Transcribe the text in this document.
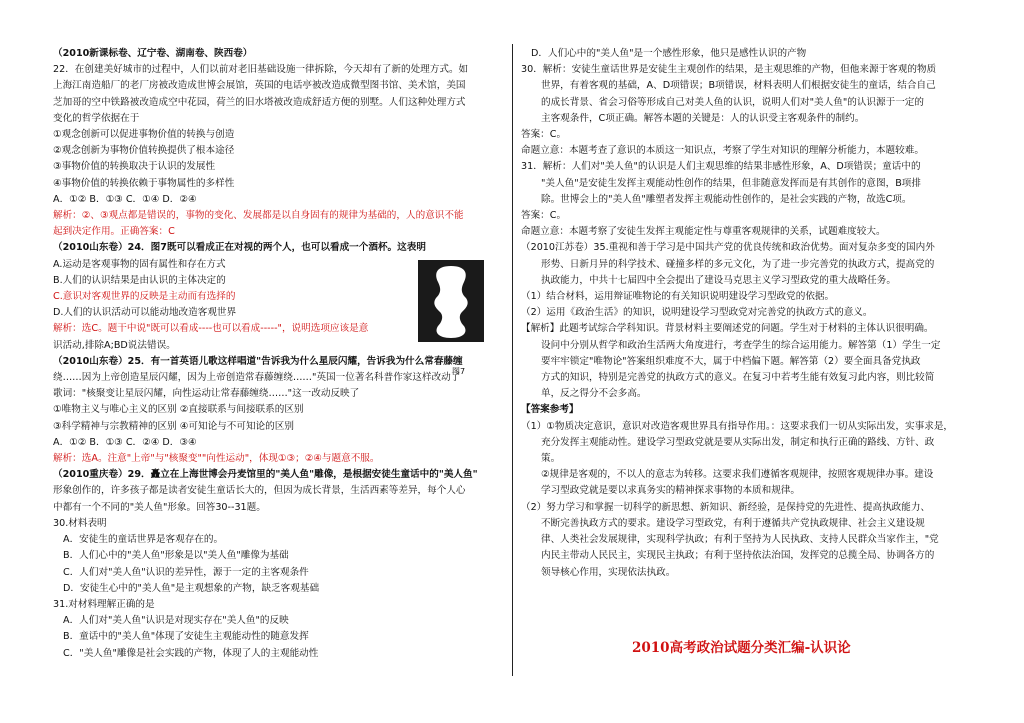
（2010新课标卷、辽宁卷、湖南卷、陕西卷）

22．在创建美好城市的过程中，人们以前对老旧基础设施一律拆除，今天却有了新的处理方式。如

上海江南造船厂的老厂房被改造成世博会展馆，英国的电话亭被改造成微型图书馆、美术馆，美国

芝加哥的空中铁路被改造成空中花园，荷兰的旧水塔被改造成舒适方便的别墅。人们这种处理方式

变化的哲学依据在于

①观念创新可以促进事物价值的转换与创造

②观念创新为事物价值转换提供了根本途径

③事物价值的转换取决于认识的发展性

④事物价值的转换依赖于事物属性的多样性

A．①② B．①③ C．①④ D．②④

解析：②、③观点都是错误的，事物的变化、发展都是以自身固有的规律为基础的，人的意识不能

起到决定作用。正确答案：C

（2010山东卷）24．图7既可以看成正在对视的两个人，也可以看成一个酒杯。这表明

A.运动是客观事物的固有属性和存在方式

B.人们的认识结果是由认识的主体决定的

C.意识对客观世界的反映是主动而有选择的

D.人们的认识活动可以能动地改造客观世界

解析：选C。题干中说"既可以看成----也可以看成-----"，说明选项应该是意

识活动,排除A;BD说法错误。

（2010山东卷）25．有一首英语儿歌这样唱道"告诉我为什么星辰闪耀，告诉我为什么常春藤缠

绕……因为上帝创造星辰闪耀，因为上帝创造常春藤缠绕……"英国一位著名科普作家这样改动了

歌词："核聚变让星辰闪耀，向性运动让常春藤缠绕……"这一改动反映了

①唯物主义与唯心主义的区别 ②直接联系与间接联系的区别

③科学精神与宗教精神的区别 ④可知论与不可知论的区别

A．①② B．①③ C．②④ D．③④

解析：选A。注意"上帝"与"核聚变""向性运动"，体现①③；②④与题意不服。

（2010重庆卷）29．矗立在上海世博会丹麦馆里的"美人鱼"雕像，是根据安徒生童话中的"美人鱼"

形象创作的，许多孩子都是读者安徒生童话长大的，但因为成长背景，生活西素等差异，每个人心

中都有一个不同的"美人鱼"形象。回答30--31题。

30.材料表明

A．安徒生的童话世界是客观存在的。

B．人们心中的"美人鱼"形象是以"美人鱼"雕像为基础

C．人们对"美人鱼"认识的差异性，源于一定的主客观条件

D．安徒生心中的"美人鱼"是主观想象的产物，缺乏客观基础

31.对材料理解正确的是

A．人们对"美人鱼"认识是对现实存在"美人鱼"的反映

B．童话中的"美人鱼"体现了安徒生主观能动性的随意发挥

C．"美人鱼"雕像是社会实践的产物，体现了人的主观能动性

D．人们心中的"美人鱼"是一个感性形象，他只是感性认识的产物

30．解析：安徒生童话世界是安徒生主观创作的结果，是主观思维的产物，但他来源于客观的物质

世界，有着客观的基础，A、D项错误；B项错误，材料表明人们根据安徒生的童话，结合自己

的成长背景、省会习俗等形成自己对美人鱼的认识，说明人们对"美人鱼"的认识源于一定的

主客观条件，C项正确。解答本题的关键是：人的认识受主客观条件的制约。

答案：C。

命题立意：本题考查了意识的本质这一知识点，考察了学生对知识的理解分析能力，本题较难。

31．解析：人们对"美人鱼"的认识是人们主观思维的结果非感性形象，A、D项错误；童话中的

"美人鱼"是安徒生发挥主观能动性创作的结果，但非随意发挥而是有其创作的意图，B项排

除。世博会上的"美人鱼"雕塑者发挥主观能动性创作的，是社会实践的产物，故选C项。

答案：C。

命题立意：本题考察了安徒生发挥主观能定性与尊重客观规律的关系，试题难度较大。

（2010江苏卷）35.重视和善于学习是中国共产党的优良传统和政治优势。面对复杂多变的国内外

形势、日新月异的科学技术、碰撞多样的多元文化，为了进一步完善党的执政方式，提高党的

执政能力，中共十七届四中全会提出了建设马克思主义学习型政党的重大战略任务。

（1）结合材料，运用辩证唯物论的有关知识说明建设学习型政党的依据。

（2）运用《政治生活》的知识，说明建设学习型政党对完善党的执政方式的意义。

【解析】此题考试综合学科知识。背景材料主要阐述党的问题。学生对于材料的主体认识很明确。

设问中分别从哲学和政治生活两大角度进行，考查学生的综合运用能力。解答第（1）学生一定

要牢牢锁定"唯物论"答案组织难度不大，属于中档偏下题。解答第（2）要全面具备党执政

方式的知识，特别是完善党的执政方式的意义。在复习中若考生能有效复习此内容，则比较简

单，反之得分不会多高。

【答案参考】

（1）①物质决定意识，意识对改造客观世界具有指导作用。：这要求我们一切从实际出发，实事求是，

充分发挥主观能动性。建设学习型政党就是要从实际出发，制定和执行正确的路线、方针、政

策。

②规律是客观的，不以人的意志为转移。这要求我们遵循客观规律，按照客观规律办事。建设

学习型政党就是要以求真务实的精神探求事物的本质和规律。

（2）努力学习和掌握一切科学的新思想、新知识、新经验，是保持党的先进性、提高执政能力、

不断完善执政方式的要求。建设学习型政党，有利于遵循共产党执政规律、社会主义建设规

律、人类社会发展规律，实现科学执政；有利于坚持为人民执政、支持人民群众当家作主，"党

内民主带动人民民主，实现民主执政；有利于坚持依法治国，发挥党的总揽全局、协调各方的

领导核心作用，实现依法执政。

图7
2010高考政治试题分类汇编-认识论
